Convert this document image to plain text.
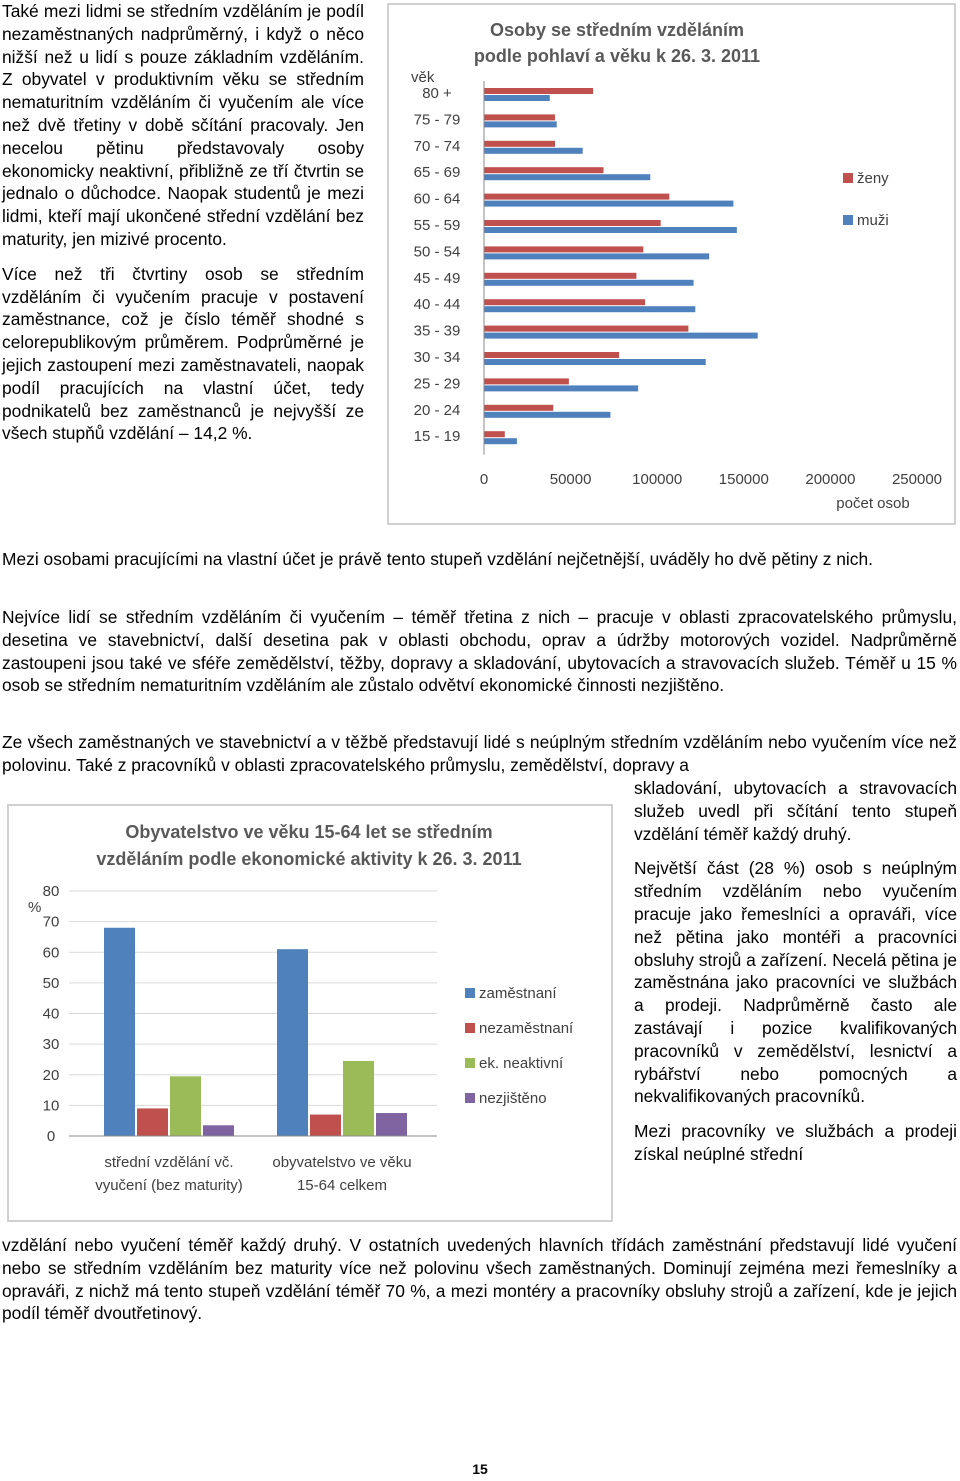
Také mezi lidmi se středním vzděláním je podíl nezaměstnaných nadprůměrný, i když o něco nižší než u lidí s pouze základním vzděláním. Z obyvatel v produktivním věku se středním nematuritním vzděláním či vyučením ale více než dvě třetiny v době sčítání pracovaly. Jen necelou pětinu představovaly osoby ekonomicky neaktivní, přibližně ze tří čtvrtin se jednalo o důchodce. Naopak studentů je mezi lidmi, kteří mají ukončené střední vzdělání bez maturity, jen mizivé procento.

Více než tři čtvrtiny osob se středním vzděláním či vyučením pracuje v postavení zaměstnance, což je číslo téměř shodné s celorepublikovým průměrem. Podprůměrné je jejich zastoupení mezi zaměstnavateli, naopak podíl pracujících na vlastní účet, tedy podnikatelů bez zaměstnanců je nejvyšší ze všech stupňů vzdělání – 14,2 %.

Osoby se středním vzděláním
podle pohlaví a věku k 26. 3. 2011
věk
80 +
75 - 79
70 - 74
65 - 69
60 - 64
55 - 59
50 - 54
45 - 49
40 - 44
35 - 39
30 - 34
25 - 29
20 - 24
15 - 19
0	50000	100000 150000 200000 250000
počet osob
ženy
muži

Mezi osobami pracujícími na vlastní účet je právě tento stupeň vzdělání nejčetnější, uváděly ho dvě pětiny z nich.

Nejvíce lidí se středním vzděláním či vyučením – téměř třetina z nich – pracuje v oblasti zpracovatelského průmyslu, desetina ve stavebnictví, další desetina pak v oblasti obchodu, oprav a údržby motorových vozidel. Nadprůměrně zastoupeni jsou také ve sféře zemědělství, těžby, dopravy a skladování, ubytovacích a stravovacích služeb. Téměř u 15 % osob se středním nematuritním vzděláním ale zůstalo odvětví ekonomické činnosti nezjištěno.

Ze všech zaměstnaných ve stavebnictví a v těžbě představují lidé s neúplným středním vzděláním nebo vyučením více než polovinu. Také z pracovníků v oblasti zpracovatelského průmyslu, zemědělství, dopravy a

Obyvatelstvo ve věku 15-64 let se středním
vzděláním podle ekonomické aktivity k 26. 3. 2011
0
10
20
30
40
50
60
70
80
%
střední vzdělání vč.
vyučení (bez maturity)
obyvatelstvo ve věku
15-64 celkem
zaměstnaní
nezaměstnaní
ek. neaktivní
nezjištěno

skladování, ubytovacích a stravovacích služeb uvedl při sčítání tento stupeň vzdělání téměř každý druhý.

Největší část (28 %) osob s neúplným středním vzděláním nebo vyučením pracuje jako řemeslníci a opraváři, více než pětina jako montéři a pracovníci obsluhy strojů a zařízení. Necelá pětina je zaměstnána jako pracovníci ve službách a prodeji. Nadprůměrně často ale zastávají i pozice kvalifikovaných pracovníků v zemědělství, lesnictví a rybářství nebo pomocných a nekvalifikovaných pracovníků.

Mezi pracovníky ve službách a prodeji získal neúplné střední

vzdělání nebo vyučení téměř každý druhý. V ostatních uvedených hlavních třídách zaměstnání představují lidé vyučení nebo se středním vzděláním bez maturity více než polovinu všech zaměstnaných. Dominují zejména mezi řemeslníky a opraváři, z nichž má tento stupeň vzdělání téměř 70 %, a mezi montéry a pracovníky obsluhy strojů a zařízení, kde je jejich podíl téměř dvoutřetinový.

15
